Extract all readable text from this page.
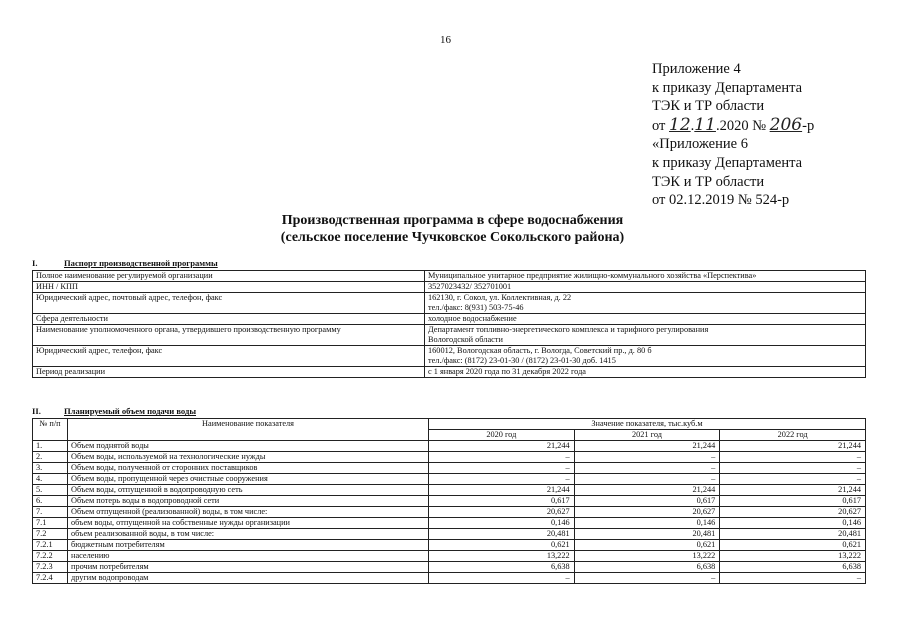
16
Приложение 4
к приказу Департамента
ТЭК и ТР области
от 12.11.2020 № 206-р
«Приложение 6
к приказу Департамента
ТЭК и ТР области
от 02.12.2019 № 524-р
Производственная программа в сфере водоснабжения
(сельское поселение Чучковское Сокольского района)
I.	Паспорт производственной программы
Полное наименование регулируемой организации	Муниципальное унитарное предприятие жилищно-коммунального хозяйства «Перспектива»

ИНН / КПП	3527023432/ 352701001

Юридический адрес, почтовый адрес, телефон, факс	162130, г. Сокол, ул. Коллективная, д. 22
тел./факс: 8(931) 503-75-46

Сфера деятельности	холодное водоснабжение

Наименование уполномоченного органа, утвердившего производственную программу	Департамент топливно-энергетического комплекса и тарифного регулирования
Вологодской области

Юридический адрес, телефон, факс	160012, Вологодская область, г. Вологда, Советский пр., д. 80 б
тел./факс: (8172) 23-01-30 / (8172) 23-01-30 доб. 1415

Период реализации	с 1 января 2020 года по 31 декабря 2022 года
II.	Планируемый объем подачи воды
№ п/п	Наименование показателя	Значение показателя, тыс.куб.м		
		2020 год	2021 год	2022 год
1.	Объем поднятой воды	21,244	21,244	21,244
2.	Объем воды, используемой на технологические нужды	–	–	–
3.	Объем воды, полученной от сторонних поставщиков	–	–	–
4.	Объем воды, пропущенной через очистные сооружения	–	–	–
5.	Объем воды, отпущенной в водопроводную сеть	21,244	21,244	21,244
6.	Объем потерь воды в водопроводной сети	0,617	0,617	0,617
7.	Объем отпущенной (реализованной) воды, в том числе:	20,627	20,627	20,627
7.1	объем воды, отпущенной на собственные нужды организации	0,146	0,146	0,146
7.2	объем реализованной воды, в том числе:	20,481	20,481	20,481
7.2.1	бюджетным потребителям	0,621	0,621	0,621
7.2.2	населению	13,222	13,222	13,222
7.2.3	прочим потребителям	6,638	6,638	6,638
7.2.4	другим водопроводам	–	–	–
